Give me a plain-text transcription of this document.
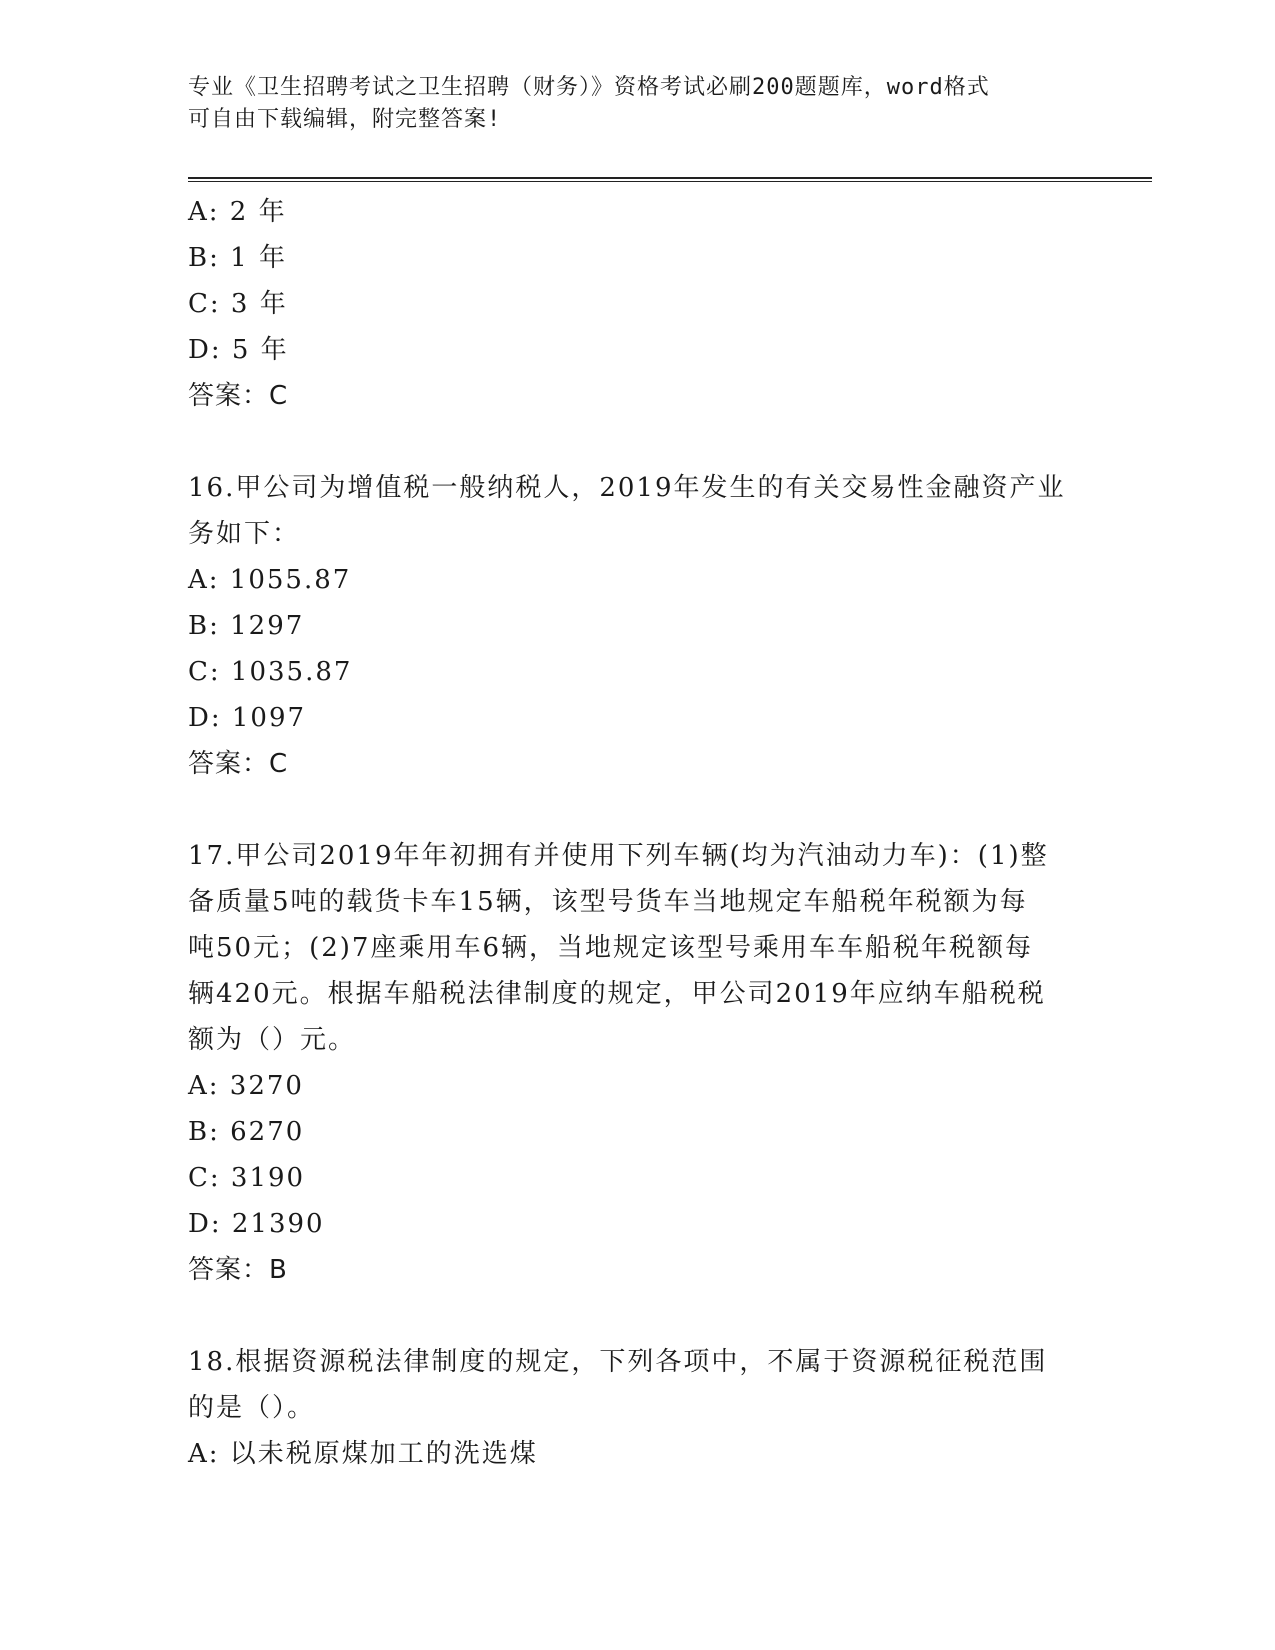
专业《卫生招聘考试之卫生招聘（财务）》资格考试必刷200题题库，word格式
可自由下载编辑，附完整答案!
A: 2 年
B: 1 年
C: 3 年
D: 5 年
答案：C
16.甲公司为增值税一般纳税人，2019年发生的有关交易性金融资产业
务如下：
A: 1055.87
B: 1297
C: 1035.87
D: 1097
答案：C
17.甲公司2019年年初拥有并使用下列车辆(均为汽油动力车)：(1)整
备质量5吨的载货卡车15辆，该型号货车当地规定车船税年税额为每
吨50元；(2)7座乘用车6辆，当地规定该型号乘用车车船税年税额每
辆420元。根据车船税法律制度的规定，甲公司2019年应纳车船税税
额为（）元。
A: 3270
B: 6270
C: 3190
D: 21390
答案：B
18.根据资源税法律制度的规定，下列各项中，不属于资源税征税范围
的是（）。
A: 以未税原煤加工的洗选煤
